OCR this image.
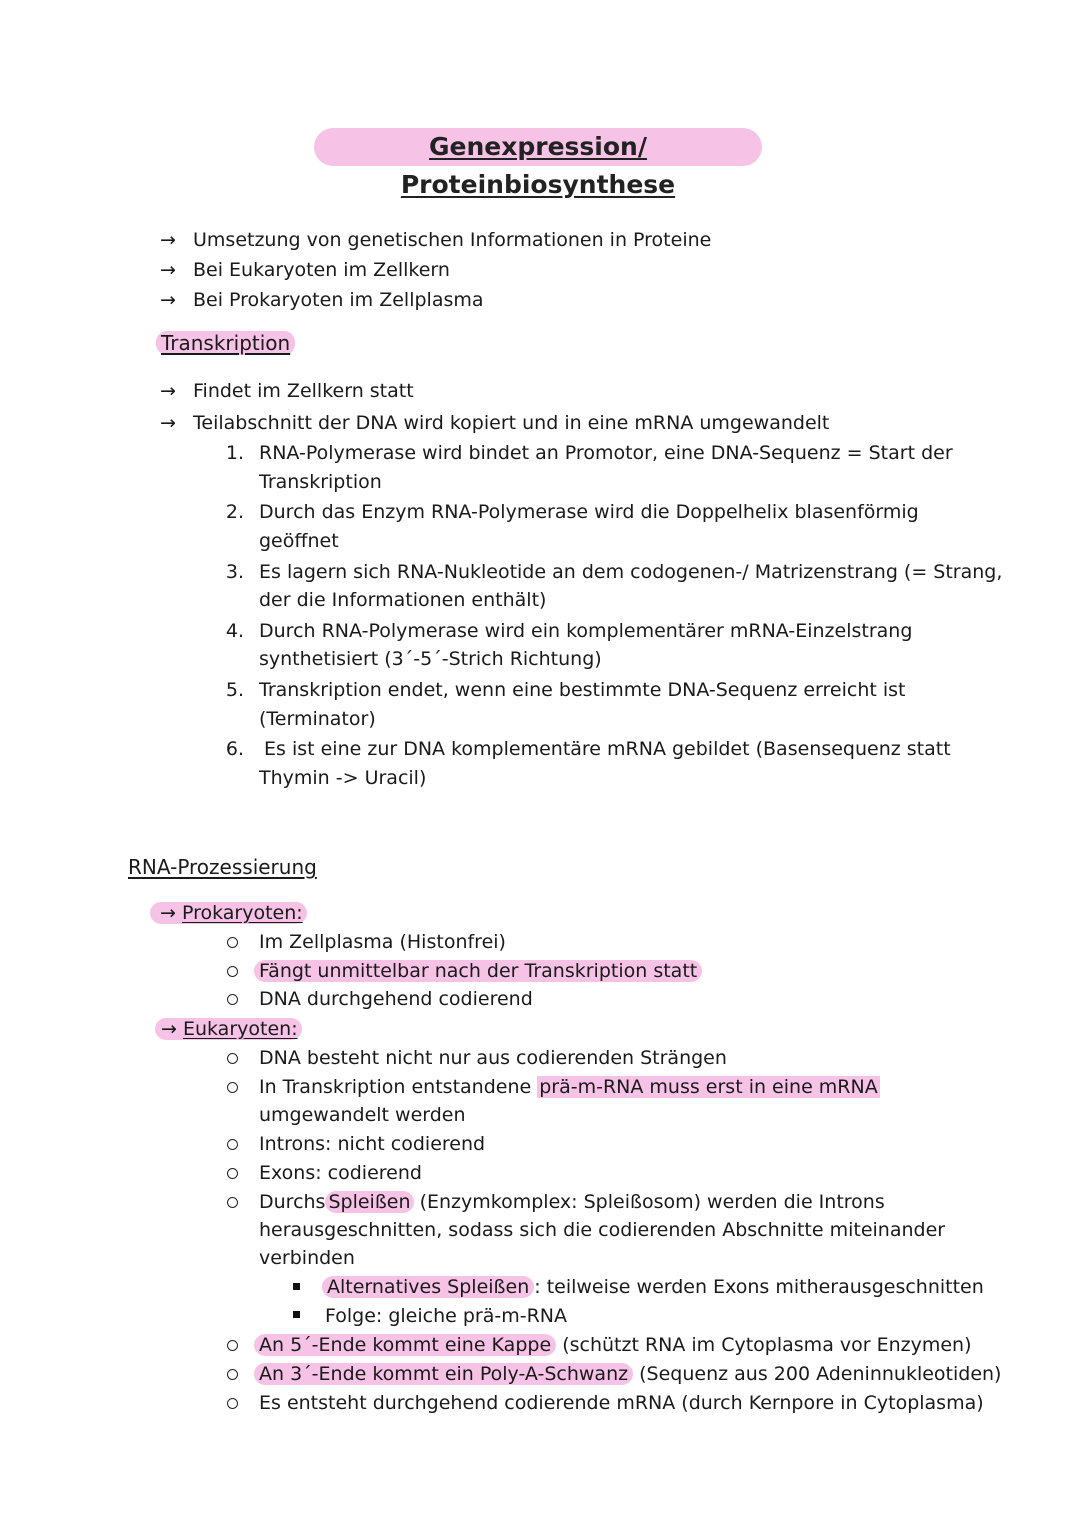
Genexpression/ Proteinbiosynthese
→ Umsetzung von genetischen Informationen in Proteine
→ Bei Eukaryoten im Zellkern
→ Bei Prokaryoten im Zellplasma
Transkription
→ Findet im Zellkern statt
→ Teilabschnitt der DNA wird kopiert und in eine mRNA umgewandelt
1. RNA-Polymerase wird bindet an Promotor, eine DNA-Sequenz = Start der
Transkription
2. Durch das Enzym RNA-Polymerase wird die Doppelhelix blasenförmig
geöffnet
3. Es lagern sich RNA-Nukleotide an dem codogenen-/ Matrizenstrang (= Strang,
der die Informationen enthält)
4. Durch RNA-Polymerase wird ein komplementärer mRNA-Einzelstrang
synthetisiert (3´-5´-Strich Richtung)
5. Transkription endet, wenn eine bestimmte DNA-Sequenz erreicht ist
(Terminator)
6. Es ist eine zur DNA komplementäre mRNA gebildet (Basensequenz statt
Thymin -> Uracil)
RNA-Prozessierung
→ Prokaryoten:
Im Zellplasma (Histonfrei)
Fängt unmittelbar nach der Transkription statt
DNA durchgehend codierend
→ Eukaryoten:
DNA besteht nicht nur aus codierenden Strängen
In Transkription entstandene prä-m-RNA muss erst in eine mRNA
umgewandelt werden
Introns: nicht codierend
Exons: codierend
Durchs Spleißen (Enzymkomplex: Spleißosom) werden die Introns
herausgeschnitten, sodass sich die codierenden Abschnitte miteinander
verbinden
Alternatives Spleißen : teilweise werden Exons mitherausgeschnitten
Folge: gleiche prä-m-RNA
An 5´-Ende kommt eine Kappe (schützt RNA im Cytoplasma vor Enzymen)
An 3´-Ende kommt ein Poly-A-Schwanz (Sequenz aus 200 Adeninnukleotiden)
Es entsteht durchgehend codierende mRNA (durch Kernpore in Cytoplasma)
